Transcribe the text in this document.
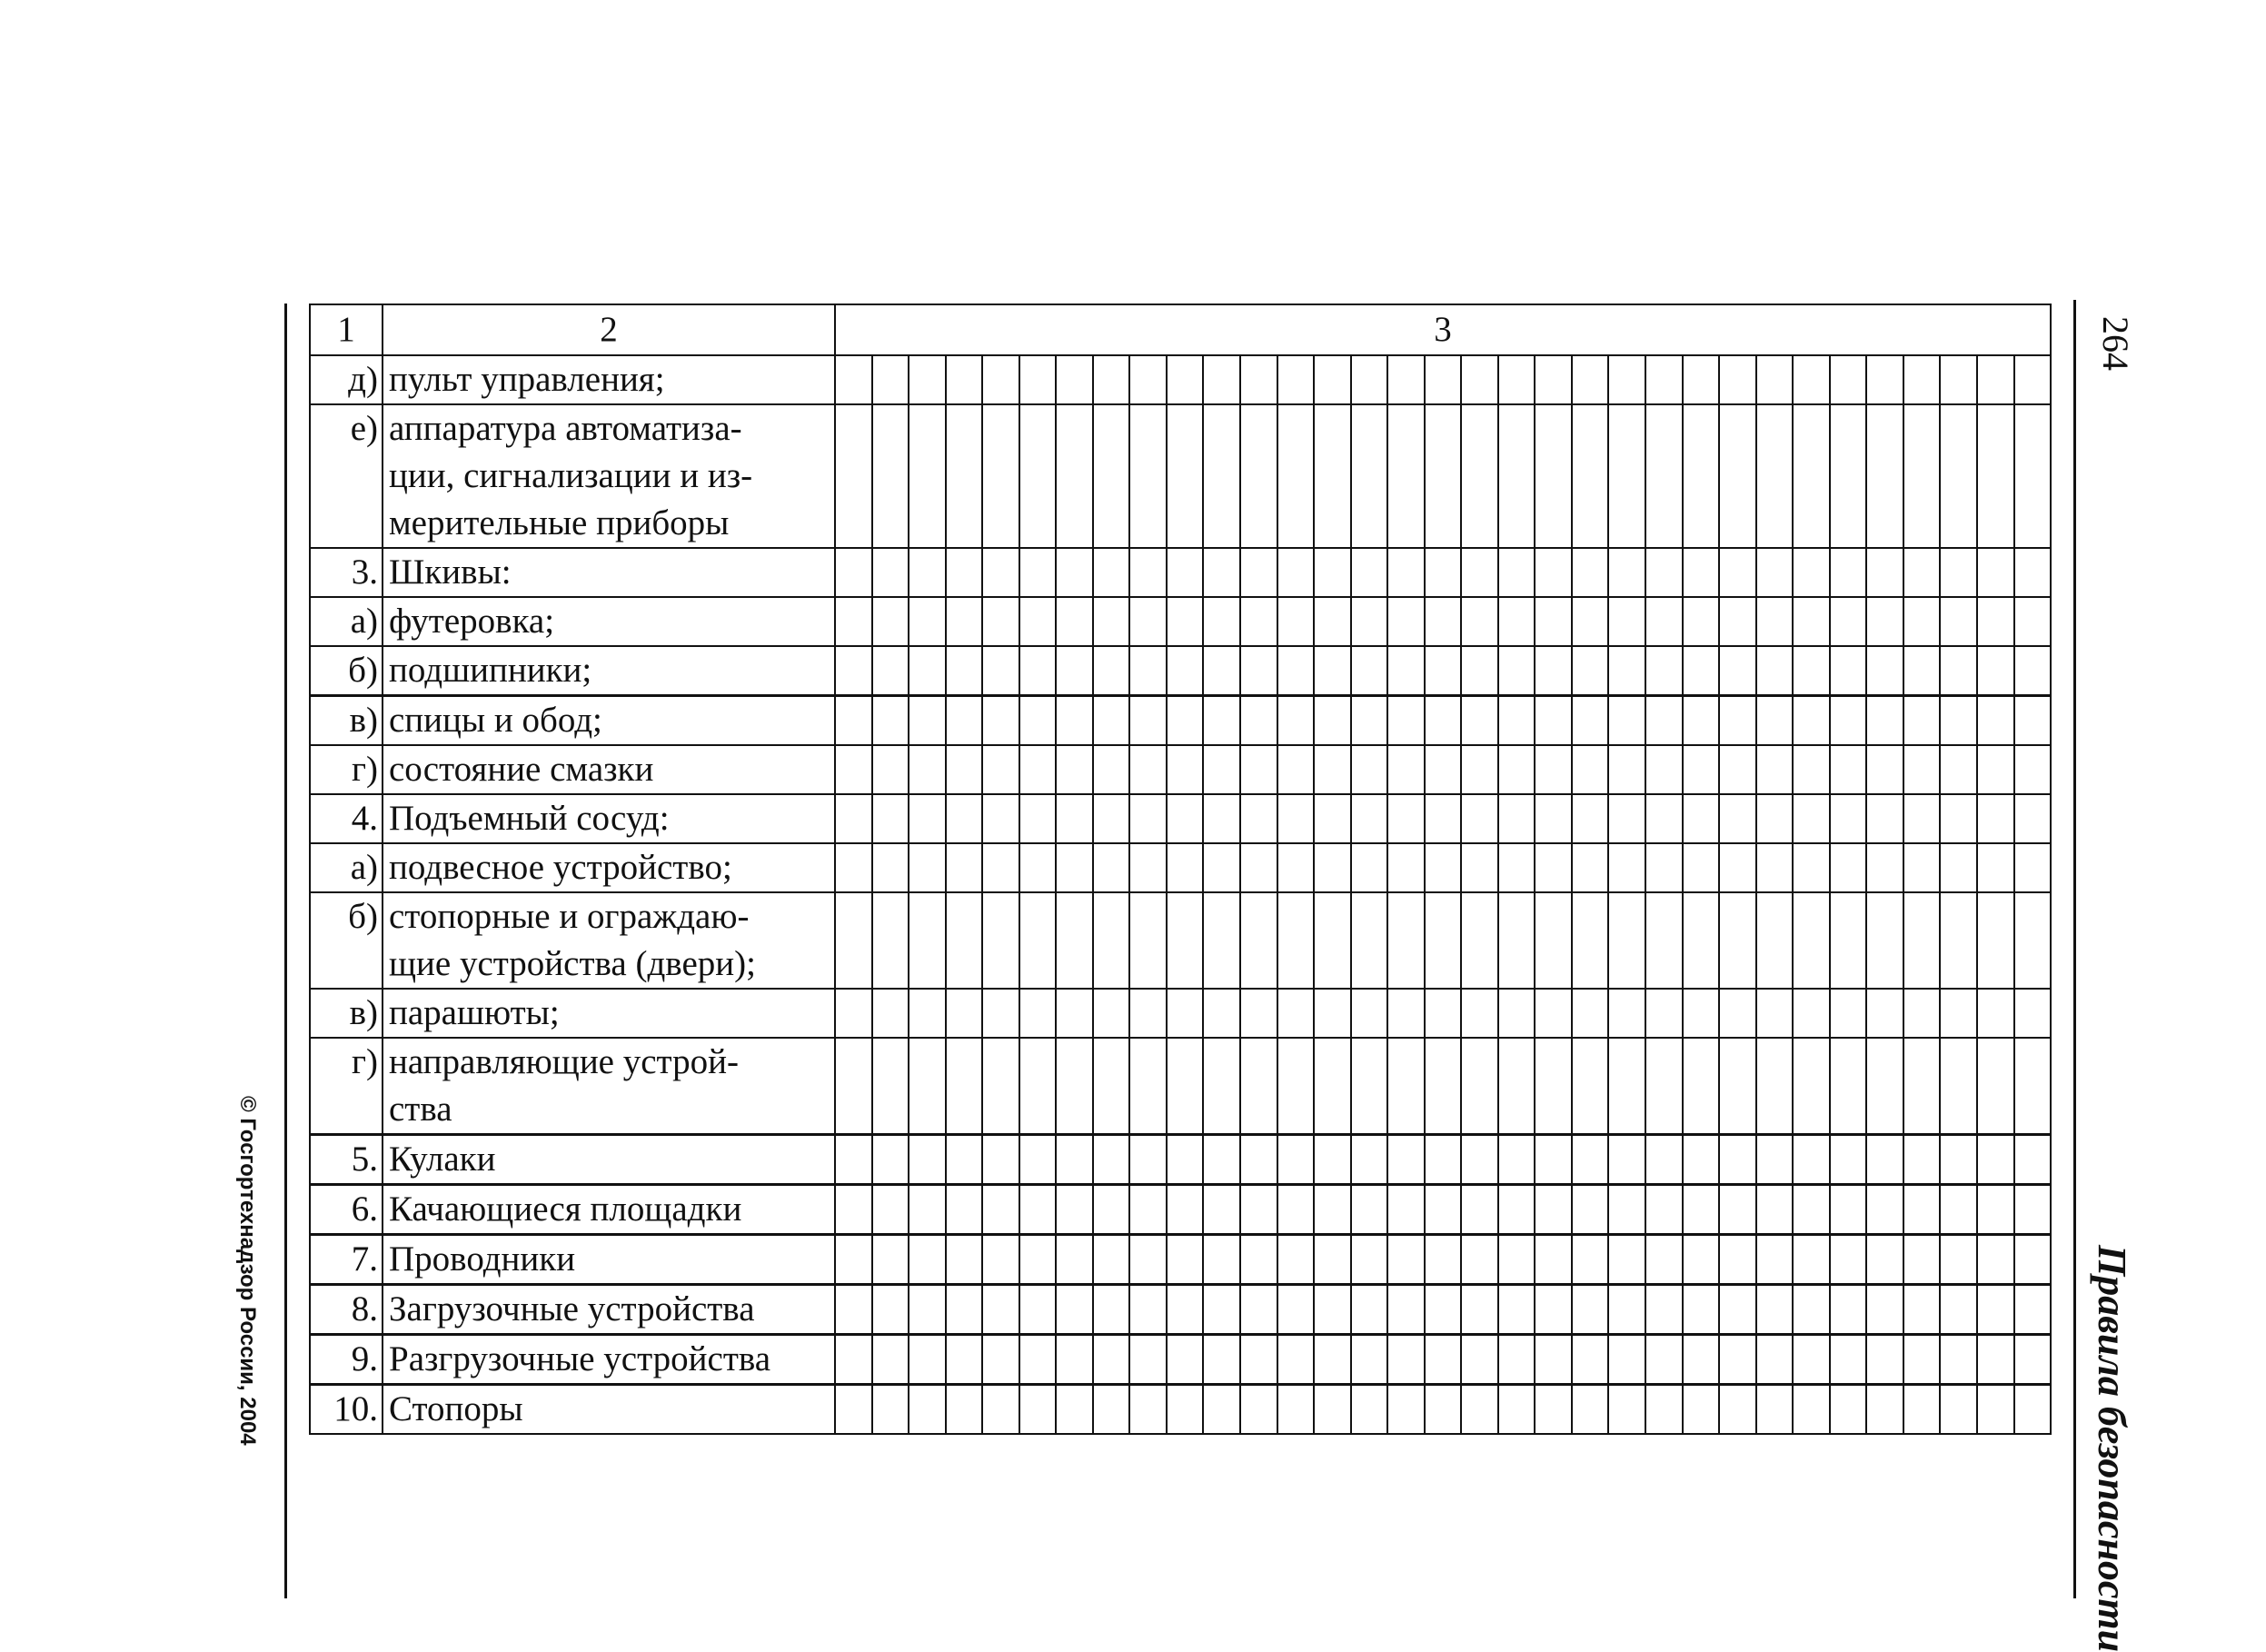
© Госгортехнадзор России, 2004
264
Правила безопасности
1	2	3
д)	пульт управления;	

е)	аппаратура автоматиза-
ции, сигнализации и из-
мерительные приборы	

3.	Шкивы:	

а)	футеровка;	

б)	подшипники;	

в)	спицы и обод;	

г)	состояние смазки	

4.	Подъемный сосуд:	

а)	подвесное устройство;	

б)	стопорные и ограждаю-
щие устройства (двери);	

в)	парашюты;	

г)	направляющие устрой-
ства	

5.	Кулаки	

6.	Качающиеся площадки	

7.	Проводники	

8.	Загрузочные устройства	

9.	Разгрузочные устройства	

10.	Стопоры	
